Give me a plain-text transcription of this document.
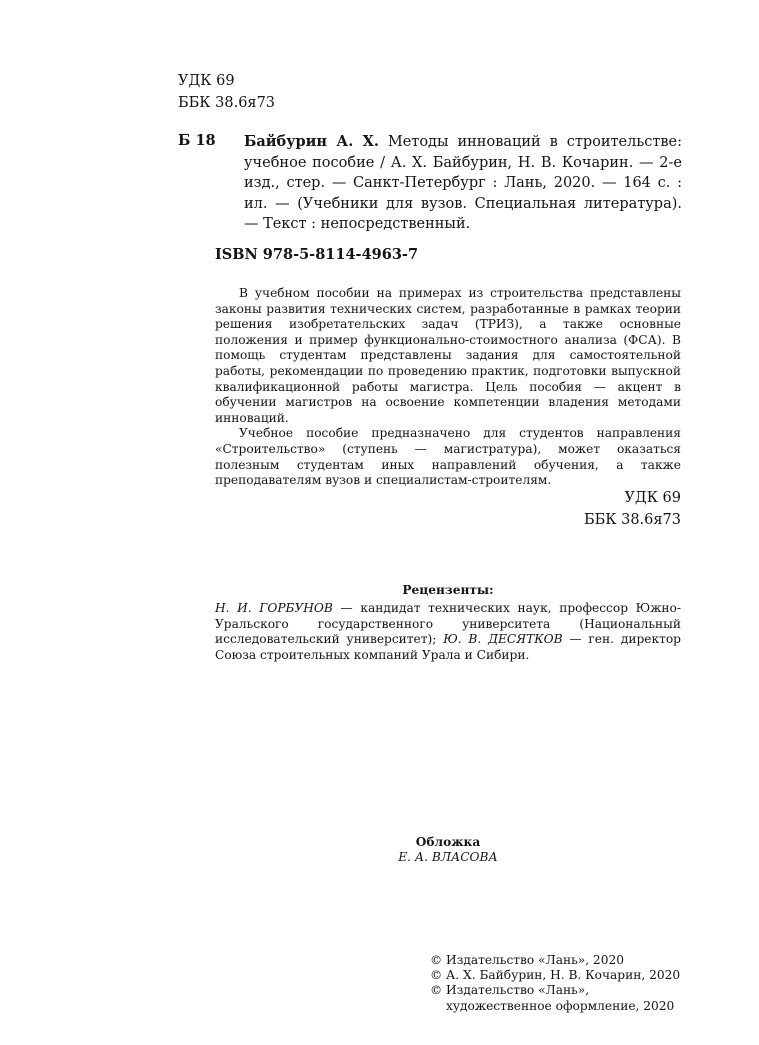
УДК 69
ББК 38.6я73
Б 18 Байбурин А. Х. Методы инноваций в строительстве: учебное пособие / А. Х. Байбурин, Н. В. Кочарин. — 2-е изд., стер. — Санкт-Петербург : Лань, 2020. — 164 с. : ил. — (Учебники для вузов. Специальная литература). — Текст : непосредственный.
ISBN 978-5-8114-4963-7

В учебном пособии на примерах из строительства представлены законы развития технических систем, разработанные в рамках теории решения изобретательских задач (ТРИЗ), а также основные положения и пример функционально-стоимостного анализа (ФСА). В помощь студентам представлены задания для самостоятельной работы, рекомендации по проведению практик, подготовки выпускной квалификационной работы магистра. Цель пособия — акцент в обучении магистров на освоение компетенции владения методами инноваций.

Учебное пособие предназначено для студентов направления «Строительство» (ступень — магистратура), может оказаться полезным студентам иных направлений обучения, а также преподавателям вузов и специалистам-строителям.

УДК 69
ББК 38.6я73
Рецензенты:
Н. И. ГОРБУНОВ — кандидат технических наук, профессор Южно-Уральского государственного университета (Национальный исследовательский университет); Ю. В. ДЕСЯТКОВ — ген. директор Союза строительных компаний Урала и Сибири.
Обложка
Е. А. ВЛАСОВА
© Издательство «Лань», 2020
© А. Х. Байбурин, Н. В. Кочарин, 2020
© Издательство «Лань»,
художественное оформление, 2020
